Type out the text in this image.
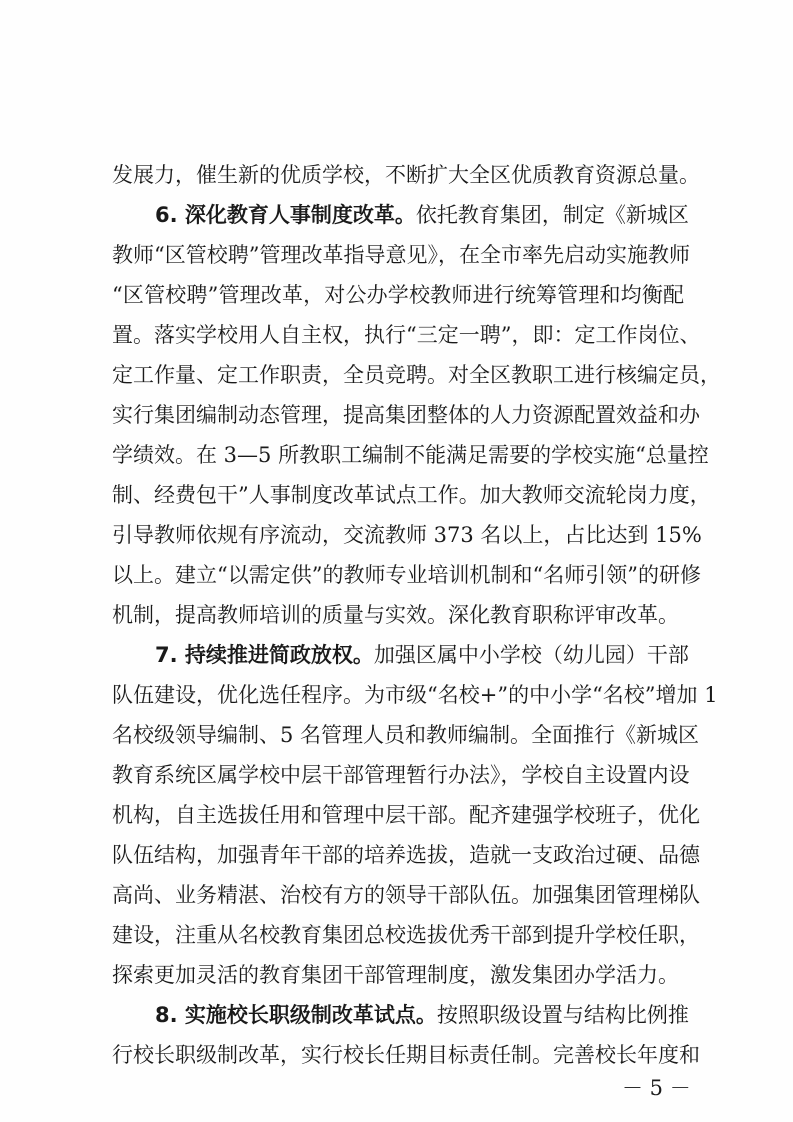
发展力，催生新的优质学校，不断扩大全区优质教育资源总量。
6. 深化教育人事制度改革。依托教育集团，制定《新城区
教师“区管校聘”管理改革指导意见》，在全市率先启动实施教师
“区管校聘”管理改革，对公办学校教师进行统筹管理和均衡配
置。落实学校用人自主权，执行“三定一聘”，即：定工作岗位、
定工作量、定工作职责，全员竞聘。对全区教职工进行核编定员，
实行集团编制动态管理，提高集团整体的人力资源配置效益和办
学绩效。在 3—5 所教职工编制不能满足需要的学校实施“总量控
制、经费包干”人事制度改革试点工作。加大教师交流轮岗力度，
引导教师依规有序流动，交流教师 373 名以上，占比达到 15%
以上。建立“以需定供”的教师专业培训机制和“名师引领”的研修
机制，提高教师培训的质量与实效。深化教育职称评审改革。
7. 持续推进简政放权。加强区属中小学校（幼儿园）干部
队伍建设，优化选任程序。为市级“名校+”的中小学“名校”增加 1
名校级领导编制、5 名管理人员和教师编制。全面推行《新城区
教育系统区属学校中层干部管理暂行办法》，学校自主设置内设
机构，自主选拔任用和管理中层干部。配齐建强学校班子，优化
队伍结构，加强青年干部的培养选拔，造就一支政治过硬、品德
高尚、业务精湛、治校有方的领导干部队伍。加强集团管理梯队
建设，注重从名校教育集团总校选拔优秀干部到提升学校任职，
探索更加灵活的教育集团干部管理制度，激发集团办学活力。
8. 实施校长职级制改革试点。按照职级设置与结构比例推
行校长职级制改革，实行校长任期目标责任制。完善校长年度和
－ 5 －
